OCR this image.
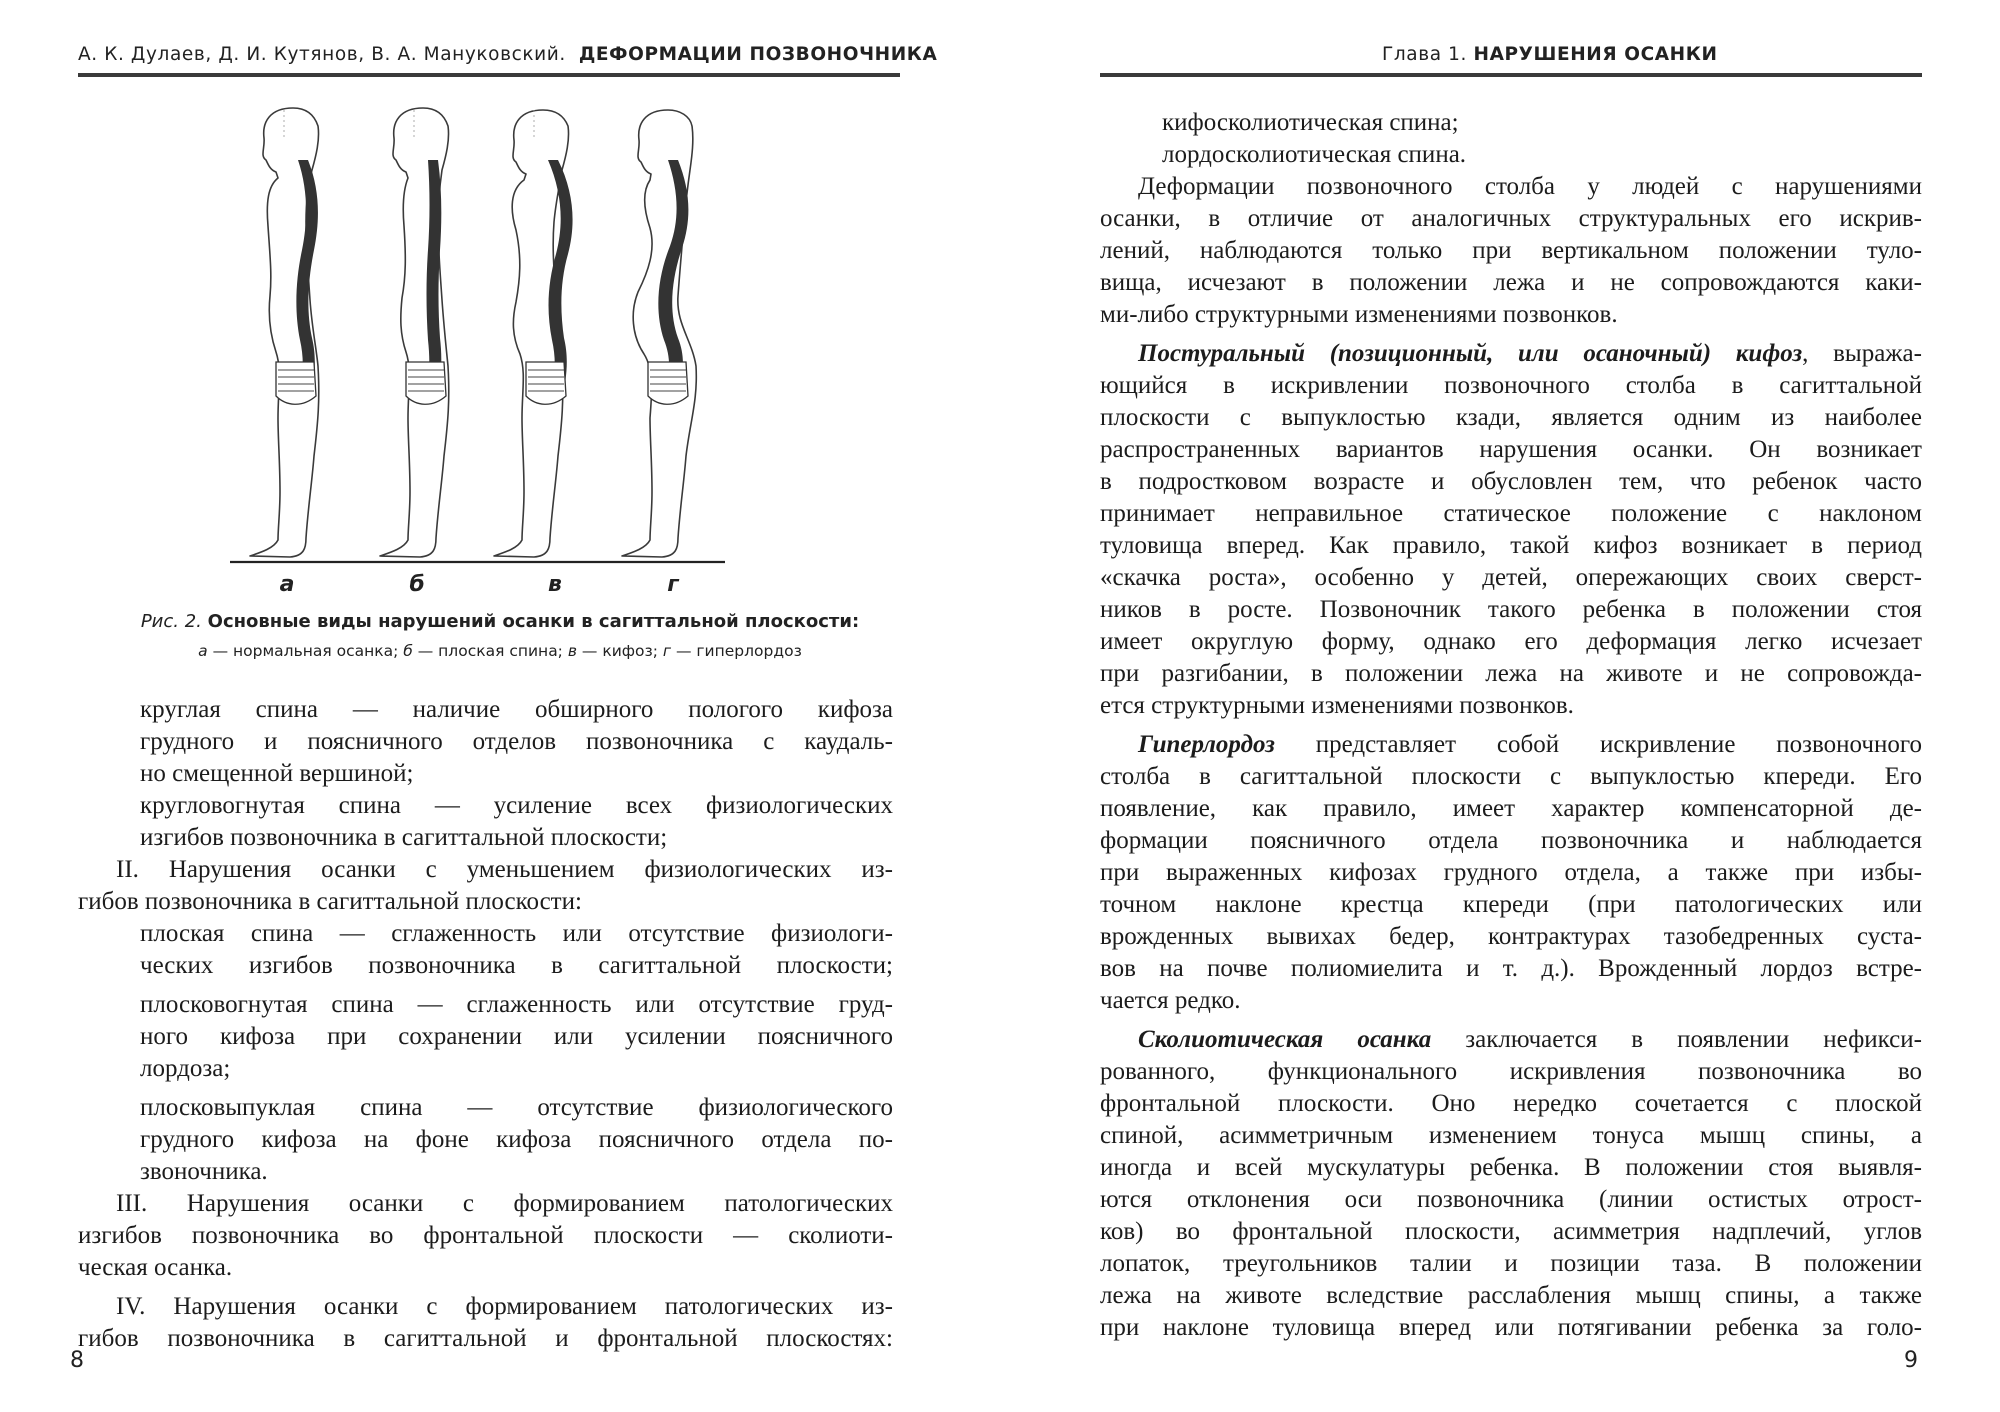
А. К. Дулаев, Д. И. Кутянов, В. А. Мануковский. ДЕФОРМАЦИИ ПОЗВОНОЧНИКА
а	б	в	г
Рис. 2. Основные виды нарушений осанки в сагиттальной плоскости:
а — нормальная осанка; б — плоская спина; в — кифоз; г — гиперлордоз
• круглая спина — наличие обширного пологого кифоза
грудного и поясничного отделов позвоночника с каудаль-
но смещенной вершиной;
• кругловогнутая спина — усиление всех физиологических
изгибов позвоночника в сагиттальной плоскости;
II. Нарушения осанки с уменьшением физиологических из-
гибов позвоночника в сагиттальной плоскости:
• плоская спина — сглаженность или отсутствие физиологи-
ческих изгибов позвоночника в сагиттальной плоскости;
• плосковогнутая спина — сглаженность или отсутствие груд-
ного кифоза при сохранении или усилении поясничного
лордоза;
• плосковыпуклая спина — отсутствие физиологического
грудного кифоза на фоне кифоза поясничного отдела по-
звоночника.
III. Нарушения осанки с формированием патологических
изгибов позвоночника во фронтальной плоскости — сколиоти-
ческая осанка.
IV. Нарушения осанки с формированием патологических из-
гибов позвоночника в сагиттальной и фронтальной плоскостях:
8
Глава 1. НАРУШЕНИЯ ОСАНКИ
• кифосколиотическая спина;
• лордосколиотическая спина.
Деформации позвоночного столба у людей с нарушениями
осанки, в отличие от аналогичных структуральных его искрив-
лений, наблюдаются только при вертикальном положении туло-
вища, исчезают в положении лежа и не сопровождаются каки-
ми-либо структурными изменениями позвонков.
Постуральный (позиционный, или осаночный) кифоз, выража-
ющийся в искривлении позвоночного столба в сагиттальной
плоскости с выпуклостью кзади, является одним из наиболее
распространенных вариантов нарушения осанки. Он возникает
в подростковом возрасте и обусловлен тем, что ребенок часто
принимает неправильное статическое положение с наклоном
туловища вперед. Как правило, такой кифоз возникает в период
«скачка роста», особенно у детей, опережающих своих сверст-
ников в росте. Позвоночник такого ребенка в положении стоя
имеет округлую форму, однако его деформация легко исчезает
при разгибании, в положении лежа на животе и не сопровожда-
ется структурными изменениями позвонков.
Гиперлордоз представляет собой искривление позвоночного
столба в сагиттальной плоскости с выпуклостью кпереди. Его
появление, как правило, имеет характер компенсаторной де-
формации поясничного отдела позвоночника и наблюдается
при выраженных кифозах грудного отдела, а также при избы-
точном наклоне крестца кпереди (при патологических или
врожденных вывихах бедер, контрактурах тазобедренных суста-
вов на почве полиомиелита и т. д.). Врожденный лордоз встре-
чается редко.
Сколиотическая осанка заключается в появлении нефикси-
рованного, функционального искривления позвоночника во
фронтальной плоскости. Оно нередко сочетается с плоской
спиной, асимметричным изменением тонуса мышц спины, а
иногда и всей мускулатуры ребенка. В положении стоя выявля-
ются отклонения оси позвоночника (линии остистых отрост-
ков) во фронтальной плоскости, асимметрия надплечий, углов
лопаток, треугольников талии и позиции таза. В положении
лежа на животе вследствие расслабления мышц спины, а также
при наклоне туловища вперед или потягивании ребенка за голо-
9
